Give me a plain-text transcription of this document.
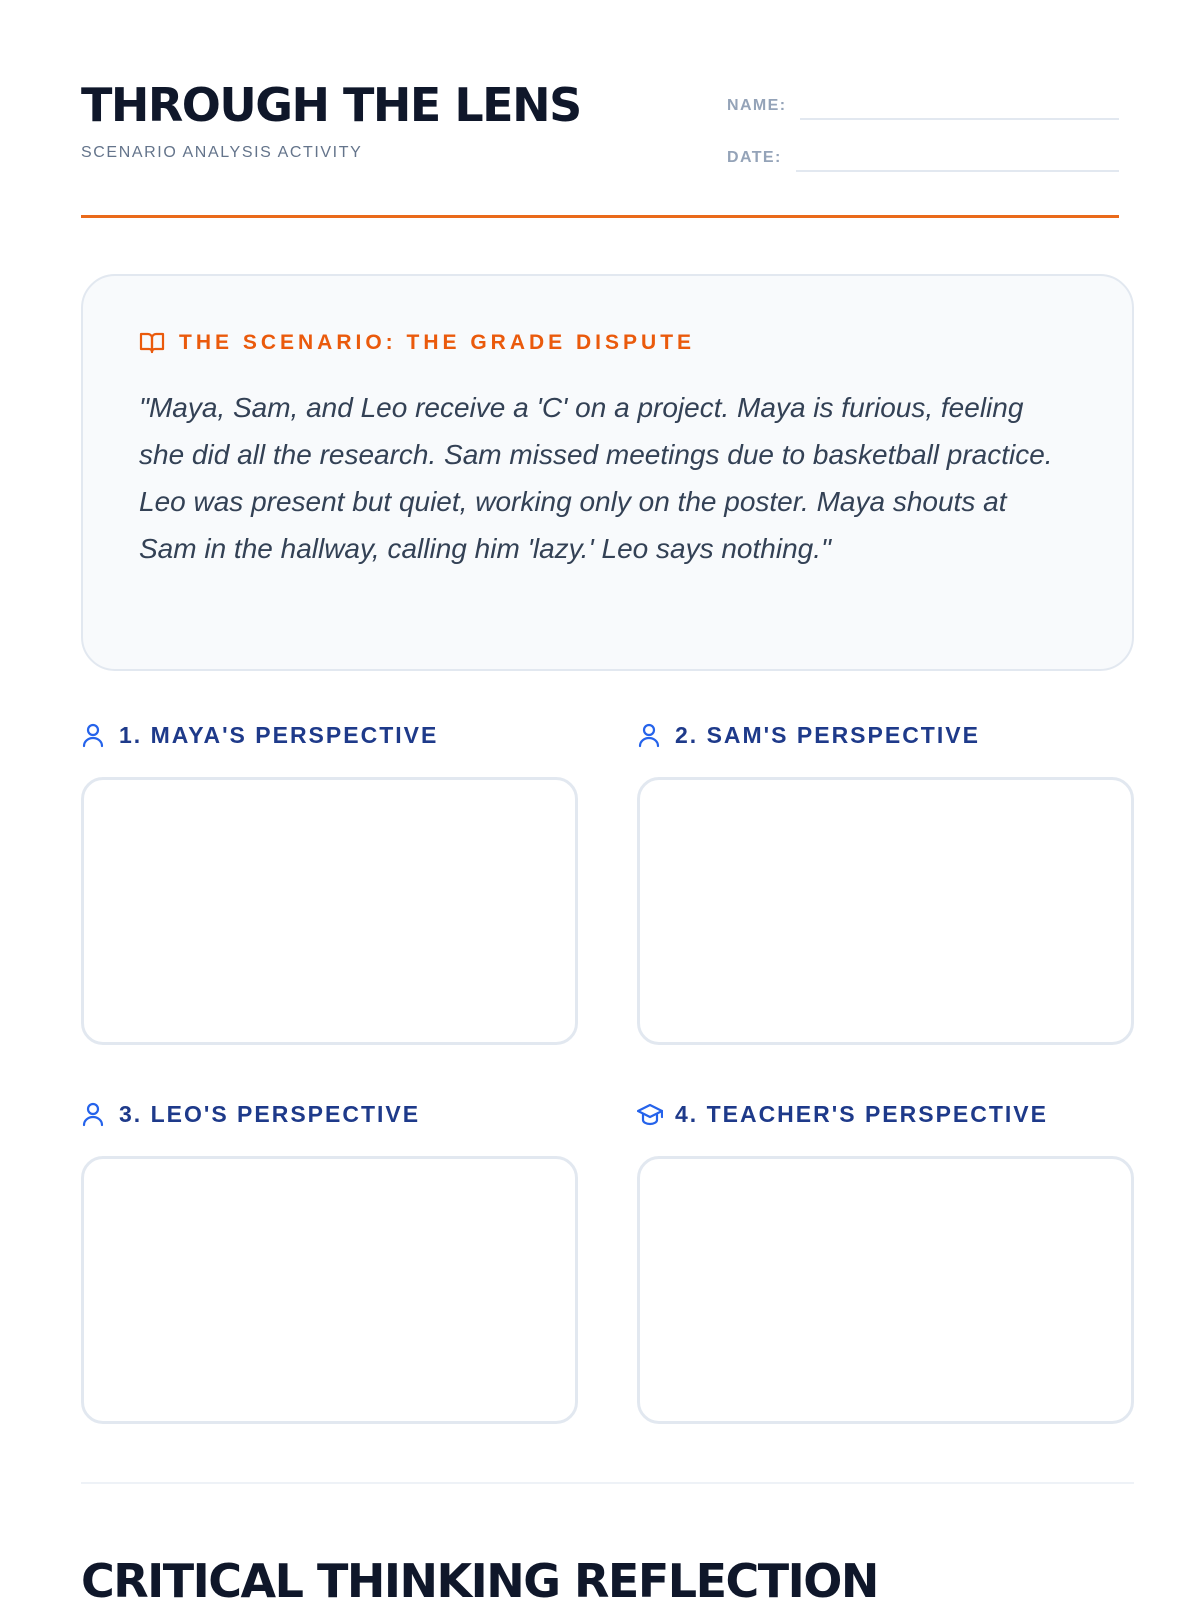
THROUGH THE LENS
SCENARIO ANALYSIS ACTIVITY
NAME:
DATE:
THE SCENARIO: THE GRADE DISPUTE

"Maya, Sam, and Leo receive a 'C' on a project. Maya is furious, feeling she did all the research. Sam missed meetings due to basketball practice. Leo was present but quiet, working only on the poster. Maya shouts at Sam in the hallway, calling him 'lazy.' Leo says nothing."

1. MAYA'S PERSPECTIVE	2. SAM'S PERSPECTIVE
3. LEO'S PERSPECTIVE	4. TEACHER'S PERSPECTIVE
CRITICAL THINKING REFLECTION
